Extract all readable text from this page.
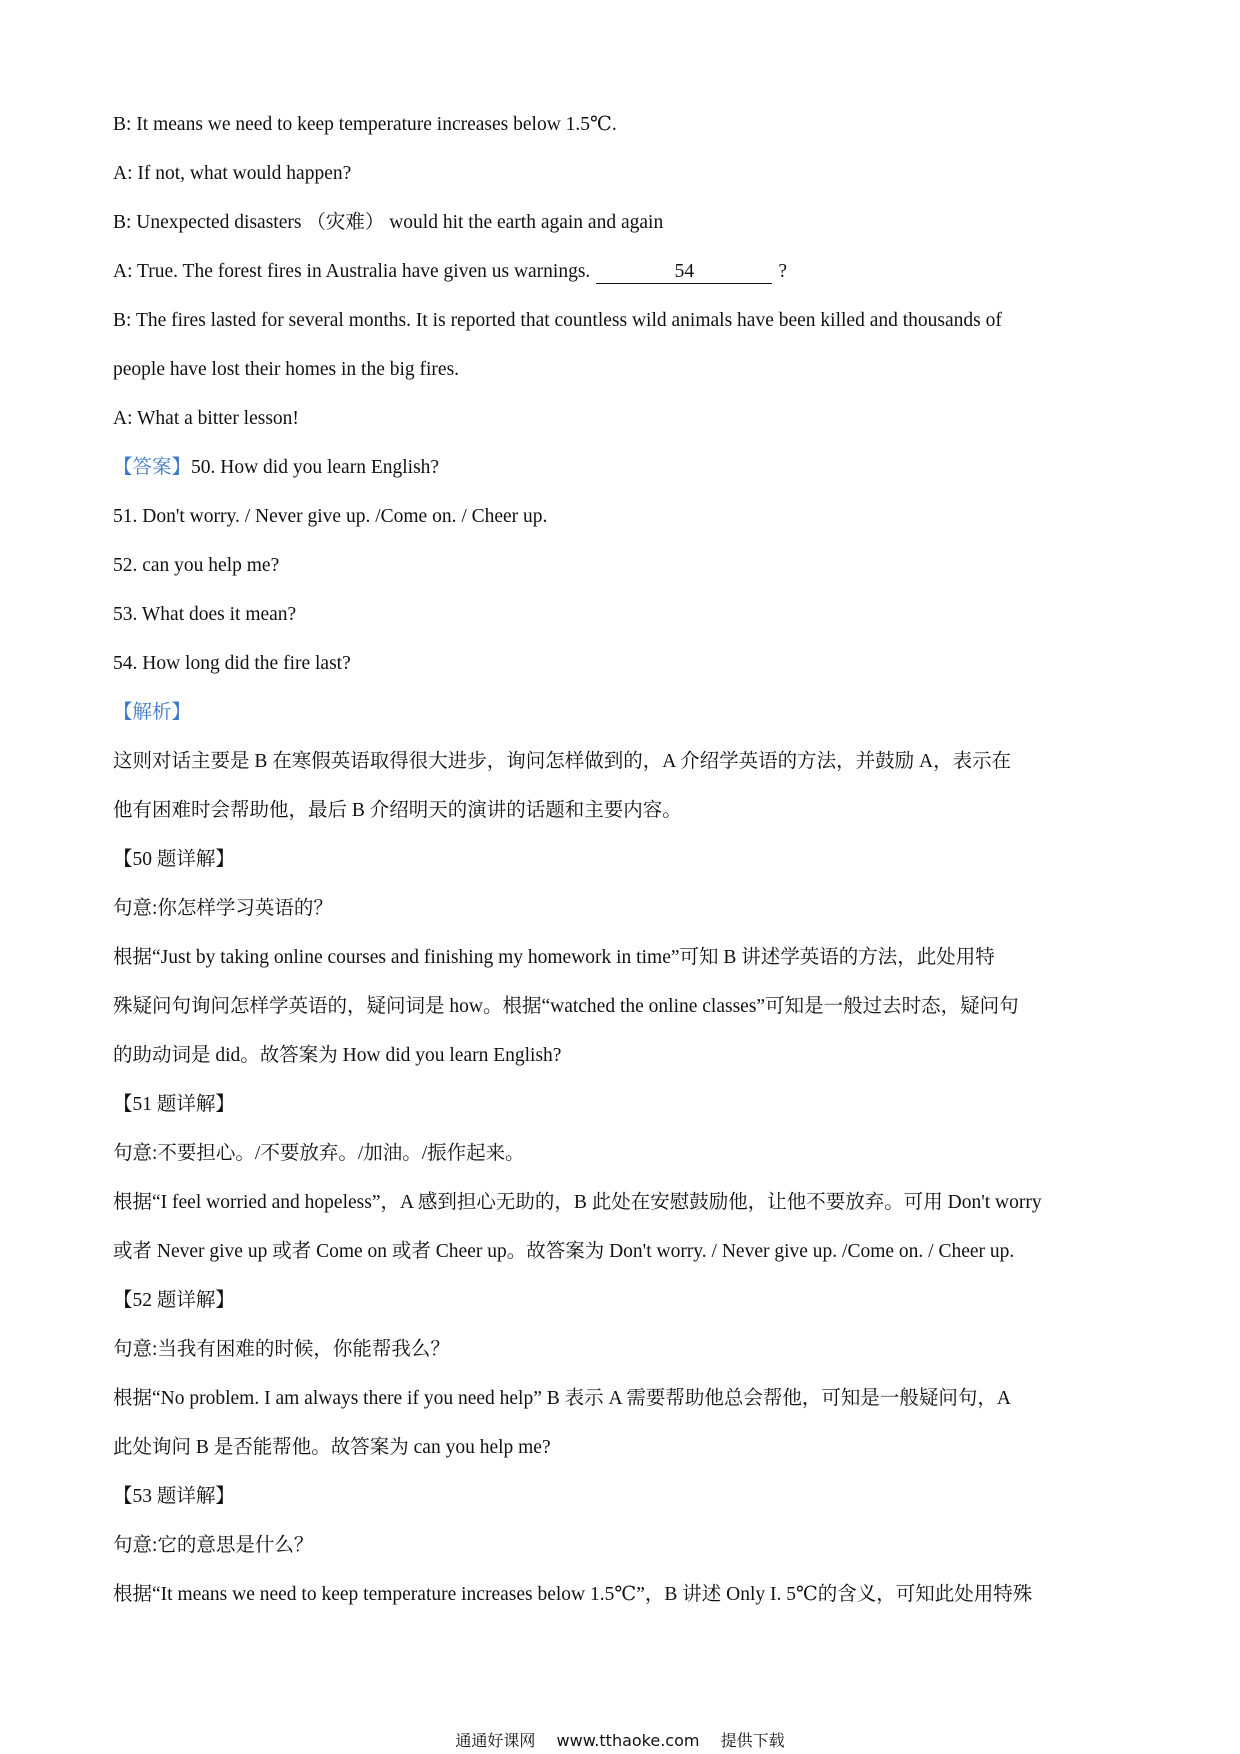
B: It means we need to keep temperature increases below 1.5℃.
A: If not, what would happen?
B: Unexpected disasters （灾难） would hit the earth again and again
A: True. The forest fires in Australia have given us warnings.	54	?
B: The fires lasted for several months. It is reported that countless wild animals have been killed and thousands of
people have lost their homes in the big fires.
A: What a bitter lesson!
【答案】50. How did you learn English?
51. Don't worry. / Never give up. /Come on. / Cheer up.
52. can you help me?
53. What does it mean?
54. How long did the fire last?
【解析】
这则对话主要是 B 在寒假英语取得很大进步，询问怎样做到的，A 介绍学英语的方法，并鼓励 A，表示在
他有困难时会帮助他，最后 B 介绍明天的演讲的话题和主要内容。
【50 题详解】
句意:你怎样学习英语的？
根据“Just by taking online courses and finishing my homework in time”可知 B 讲述学英语的方法，此处用特
殊疑问句询问怎样学英语的，疑问词是 how。根据“watched the online classes”可知是一般过去时态，疑问句
的助动词是 did。故答案为 How did you learn English?
【51 题详解】
句意:不要担心。/不要放弃。/加油。/振作起来。
根据“I feel worried and hopeless”，A 感到担心无助的，B 此处在安慰鼓励他，让他不要放弃。可用 Don't worry
或者 Never give up 或者 Come on 或者 Cheer up。故答案为 Don't worry. / Never give up. /Come on. / Cheer up.
【52 题详解】
句意:当我有困难的时候，你能帮我么？
根据“No problem. I am always there if you need help” B 表示 A 需要帮助他总会帮他，可知是一般疑问句，A
此处询问 B 是否能帮他。故答案为 can you help me?
【53 题详解】
句意:它的意思是什么？
根据“It means we need to keep temperature increases below 1.5℃”，B 讲述 Only I. 5℃的含义，可知此处用特殊
通通好课网 www.tthaoke.com 提供下载
